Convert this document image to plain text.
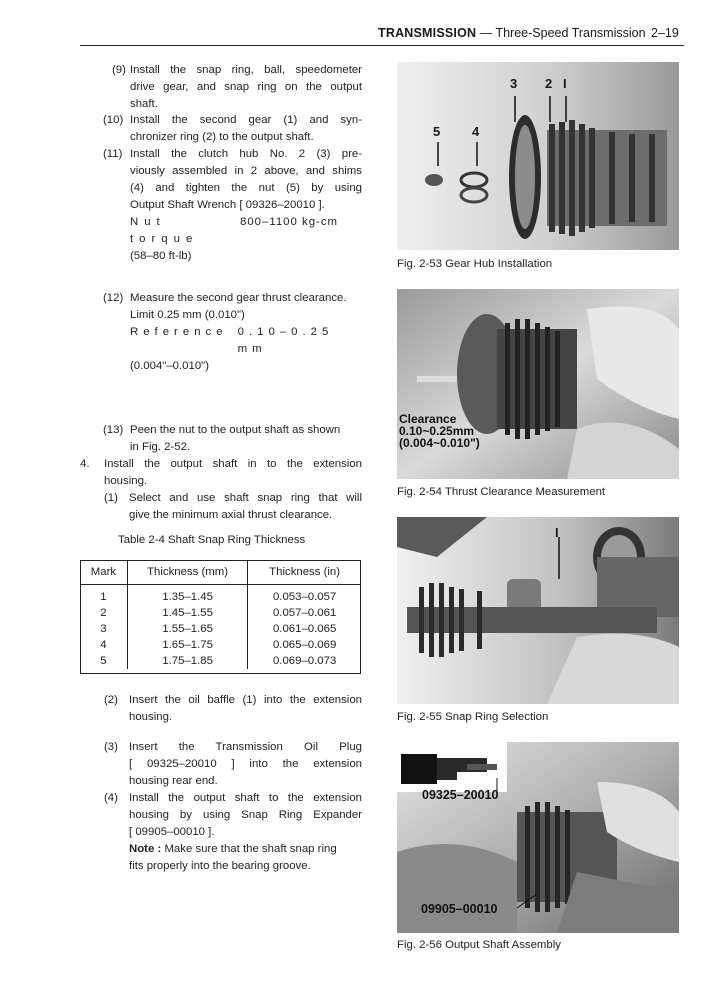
TRANSMISSION — Three-Speed Transmission 2–19
(9) Install the snap ring, ball, speedometer
drive gear, and snap ring on the output
shaft.
(10) Install the second gear (1) and syn-
chronizer ring (2) to the output shaft.
(11) Install the clutch hub No. 2 (3) pre-
viously assembled in 2 above, and shims
(4) and tighten the nut (5) by using
Output Shaft Wrench [ 09326–20010 ].
Nut torque
800–1100 kg-cm
(58–80 ft-lb)
(12) Measure the second gear thrust clearance.
Limit 0.25 mm (0.010")
Reference 0.10–0.25 mm
(0.004"–0.010")
(13) Peen the nut to the output shaft as shown
in Fig. 2-52.
4. Install the output shaft in to the extension
housing.
(1) Select and use shaft snap ring that will
give the minimum axial thrust clearance.
Table 2-4 Shaft Snap Ring Thickness
Mark	Thickness (mm)	Thickness (in)

1	1.35–1.45	0.053–0.057
2	1.45–1.55	0.057–0.061
3	1.55–1.65	0.061–0.065
4	1.65–1.75	0.065–0.069
5	1.75–1.85	0.069–0.073
(2) Insert the oil baffle (1) into the extension
housing.
(3) Insert the Transmission Oil Plug
[ 09325–20010 ] into the extension
housing rear end.
(4) Install the output shaft to the extension
housing by using Snap Ring Expander
[ 09905–00010 ].
Note : Make sure that the shaft snap ring
fits properly into the bearing groove.
3 2 I
5 4
Fig. 2-53 Gear Hub Installation
Clearance
0.10~0.25mm
(0.004~0.010")
Fig. 2-54 Thrust Clearance Measurement
I
Fig. 2-55 Snap Ring Selection
09325–20010
09905–00010
Fig. 2-56 Output Shaft Assembly
